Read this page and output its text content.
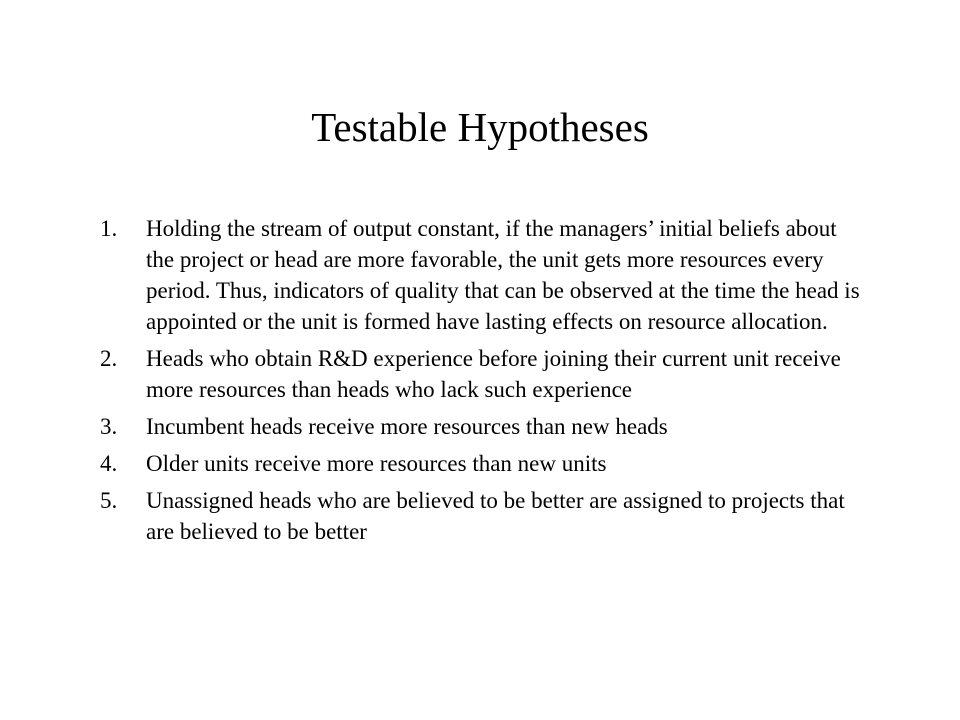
Testable Hypotheses
1.	Holding the stream of output constant, if the managers’ initial beliefs about the project or head are more favorable, the unit gets more resources every period. Thus, indicators of quality that can be observed at the time the head is appointed or the unit is formed have lasting effects on resource allocation.
2.	Heads who obtain R&D experience before joining their current unit receive more resources than heads who lack such experience
3.	Incumbent heads receive more resources than new heads
4.	Older units receive more resources than new units
5.	Unassigned heads who are believed to be better are assigned to projects that are believed to be better
